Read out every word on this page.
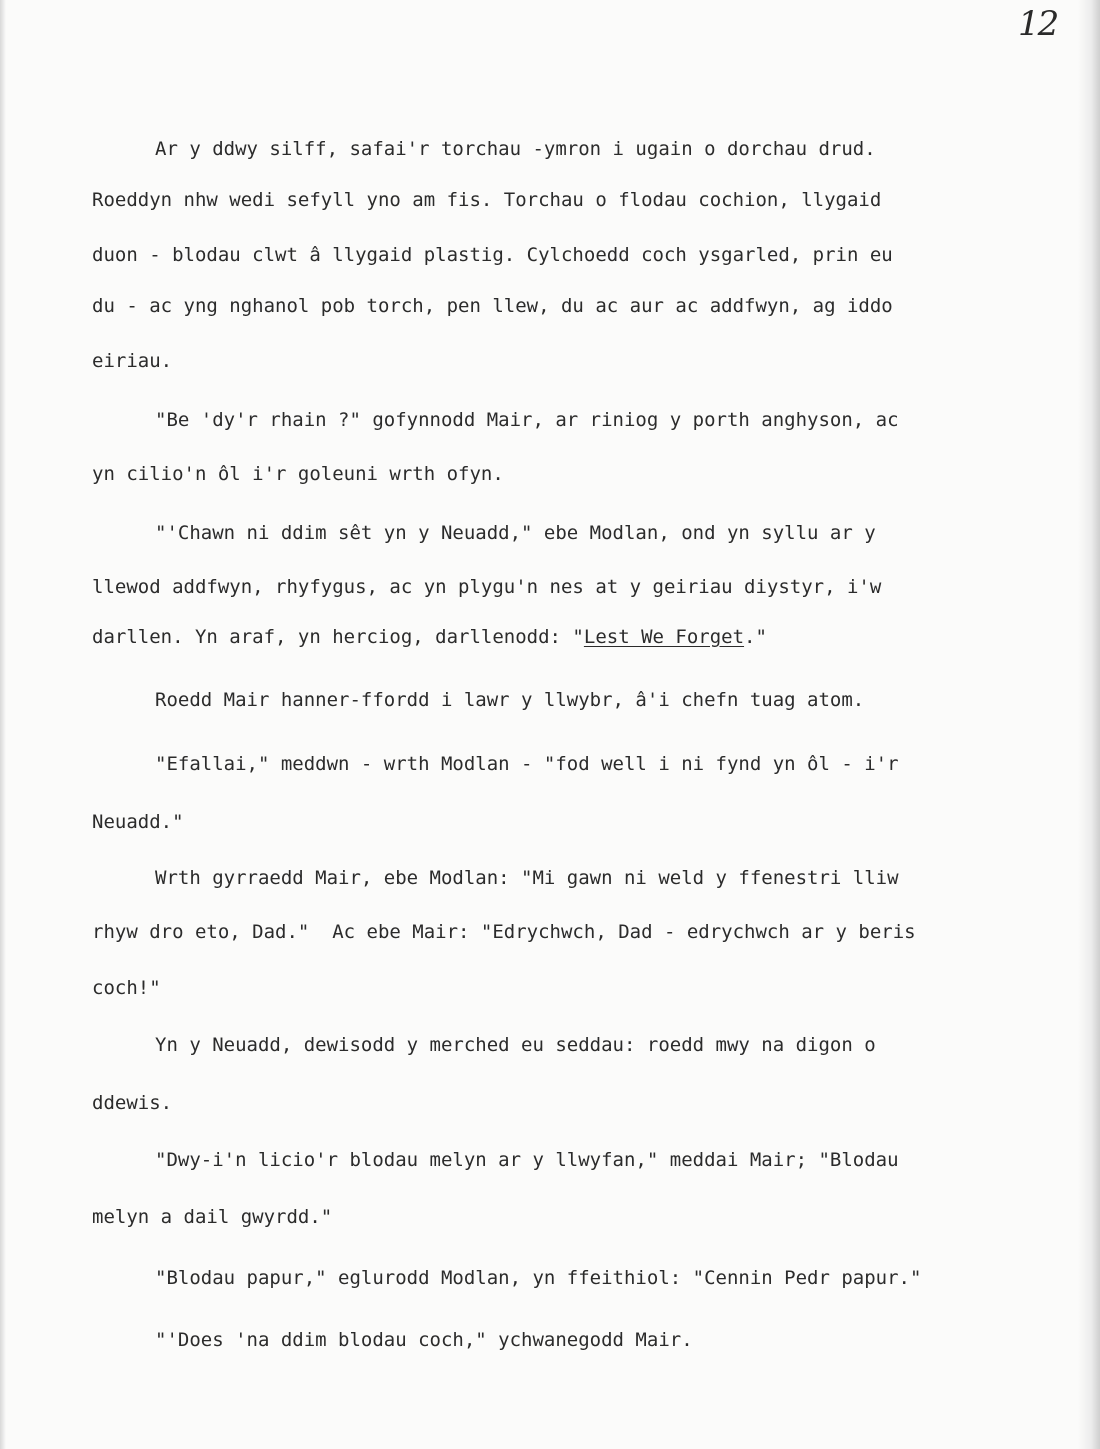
12
Ar y ddwy silff, safai'r torchau -ymron i ugain o dorchau drud.
Roeddyn nhw wedi sefyll yno am fis. Torchau o flodau cochion, llygaid
duon - blodau clwt â llygaid plastig. Cylchoedd coch ysgarled, prin eu
du - ac yng nghanol pob torch, pen llew, du ac aur ac addfwyn, ag iddo
eiriau.
"Be 'dy'r rhain ?" gofynnodd Mair, ar riniog y porth anghyson, ac
yn cilio'n ôl i'r goleuni wrth ofyn.
"'Chawn ni ddim sêt yn y Neuadd," ebe Modlan, ond yn syllu ar y
llewod addfwyn, rhyfygus, ac yn plygu'n nes at y geiriau diystyr, i'w
darllen. Yn araf, yn herciog, darllenodd: "Lest We Forget."
Roedd Mair hanner-ffordd i lawr y llwybr, â'i chefn tuag atom.
"Efallai," meddwn - wrth Modlan - "fod well i ni fynd yn ôl - i'r
Neuadd."
Wrth gyrraedd Mair, ebe Modlan: "Mi gawn ni weld y ffenestri lliw
rhyw dro eto, Dad."  Ac ebe Mair: "Edrychwch, Dad - edrychwch ar y beris
coch!"
Yn y Neuadd, dewisodd y merched eu seddau: roedd mwy na digon o
ddewis.
"Dwy-i'n licio'r blodau melyn ar y llwyfan," meddai Mair; "Blodau
melyn a dail gwyrdd."
"Blodau papur," eglurodd Modlan, yn ffeithiol: "Cennin Pedr papur."
"'Does 'na ddim blodau coch," ychwanegodd Mair.
